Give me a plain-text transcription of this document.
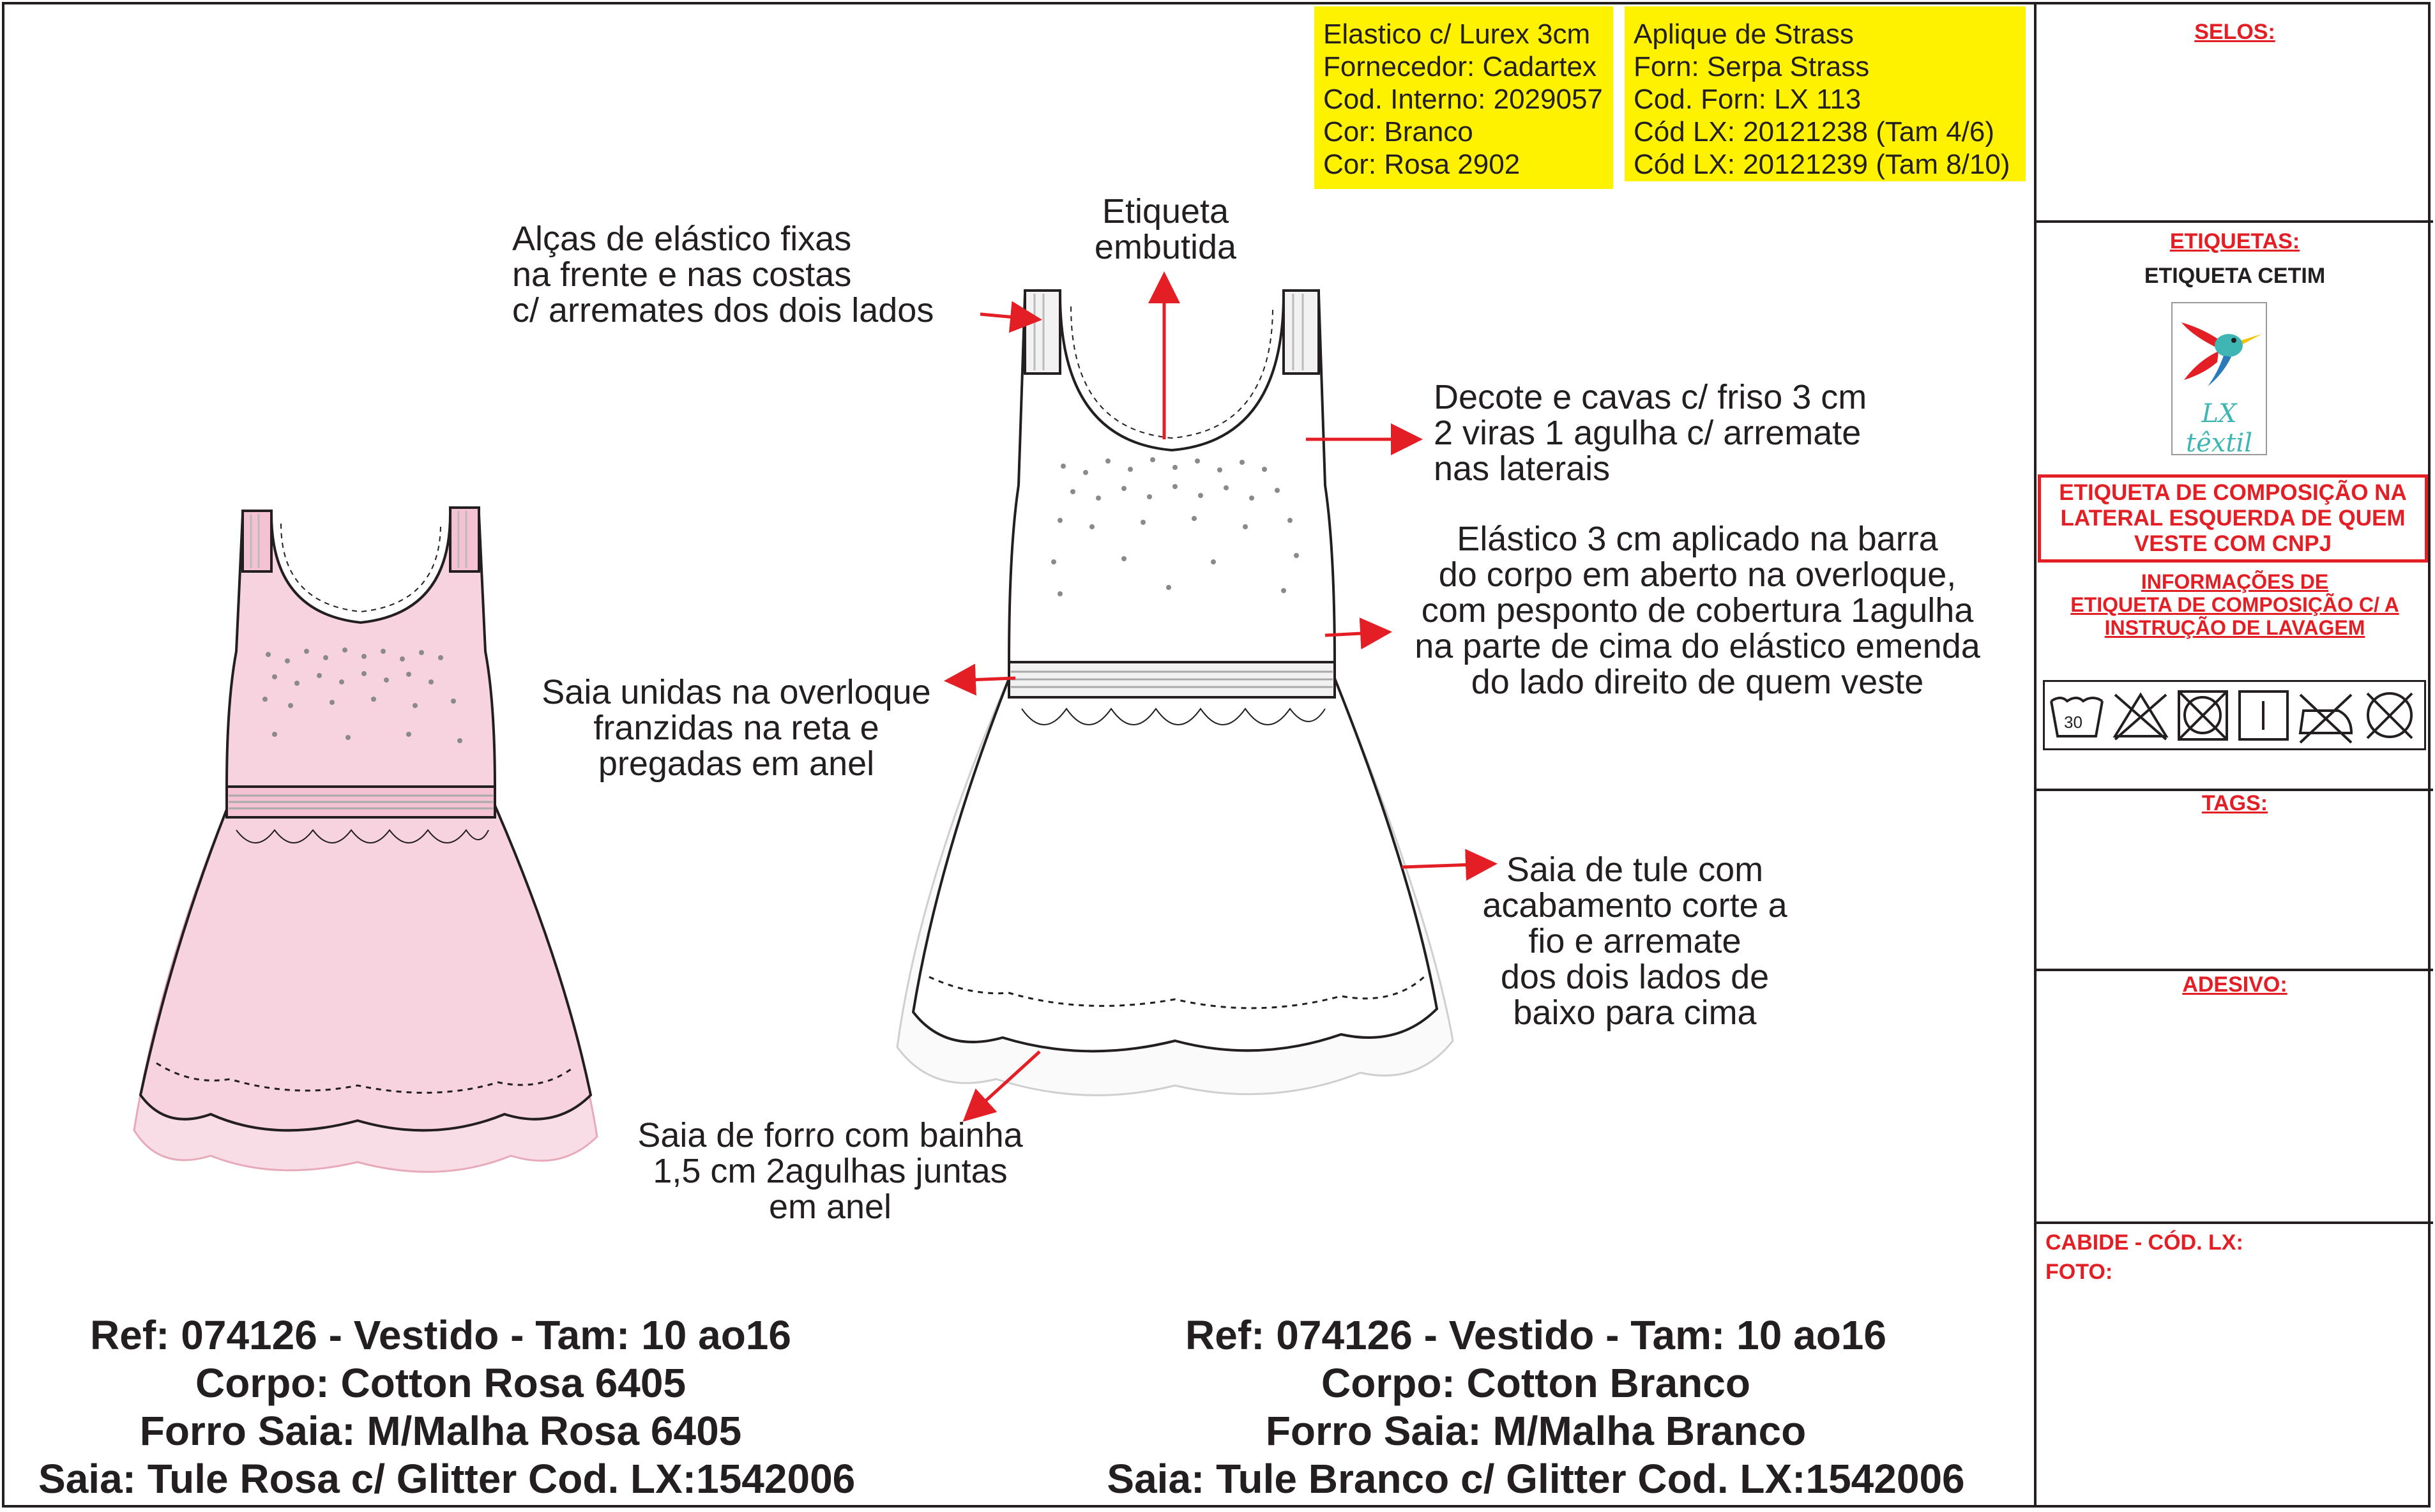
Elastico c/ Lurex 3cm
Fornecedor: Cadartex
Cod. Interno: 2029057
Cor: Branco
Cor: Rosa 2902
Aplique de Strass
Forn: Serpa Strass
Cod. Forn: LX 113
Cód LX: 20121238 (Tam 4/6)
Cód LX: 20121239 (Tam 8/10)
Alças de elástico fixas
na frente e nas costas
c/ arremates dos dois lados
Etiqueta
embutida
Decote e cavas c/ friso 3 cm
2 viras 1 agulha c/ arremate
nas laterais
Elástico 3 cm aplicado na barra
do corpo em aberto na overloque,
com pesponto de cobertura 1agulha
na parte de cima do elástico emenda
do lado direito de quem veste
Saia unidas na overloque
franzidas na reta e
pregadas em anel
Saia de tule com
acabamento corte a
fio e arremate
dos dois lados de
baixo para cima
Saia de forro com bainha
1,5 cm 2agulhas juntas
em anel
Ref: 074126 - Vestido - Tam: 10 ao16
Corpo: Cotton Rosa 6405
Forro Saia: M/Malha Rosa 6405
Saia: Tule Rosa c/ Glitter Cod. LX:1542006
Ref: 074126 - Vestido - Tam: 10 ao16
Corpo: Cotton Branco
Forro Saia: M/Malha Branco
Saia: Tule Branco c/ Glitter Cod. LX:1542006
SELOS:
ETIQUETAS:
ETIQUETA CETIM
LX têxtil
ETIQUETA DE COMPOSIÇÃO NA
LATERAL ESQUERDA DE QUEM
VESTE COM CNPJ
INFORMAÇÕES DE
ETIQUETA DE COMPOSIÇÃO C/ A
INSTRUÇÃO DE LAVAGEM
30
TAGS:
ADESIVO:
CABIDE - CÓD. LX:
FOTO:
